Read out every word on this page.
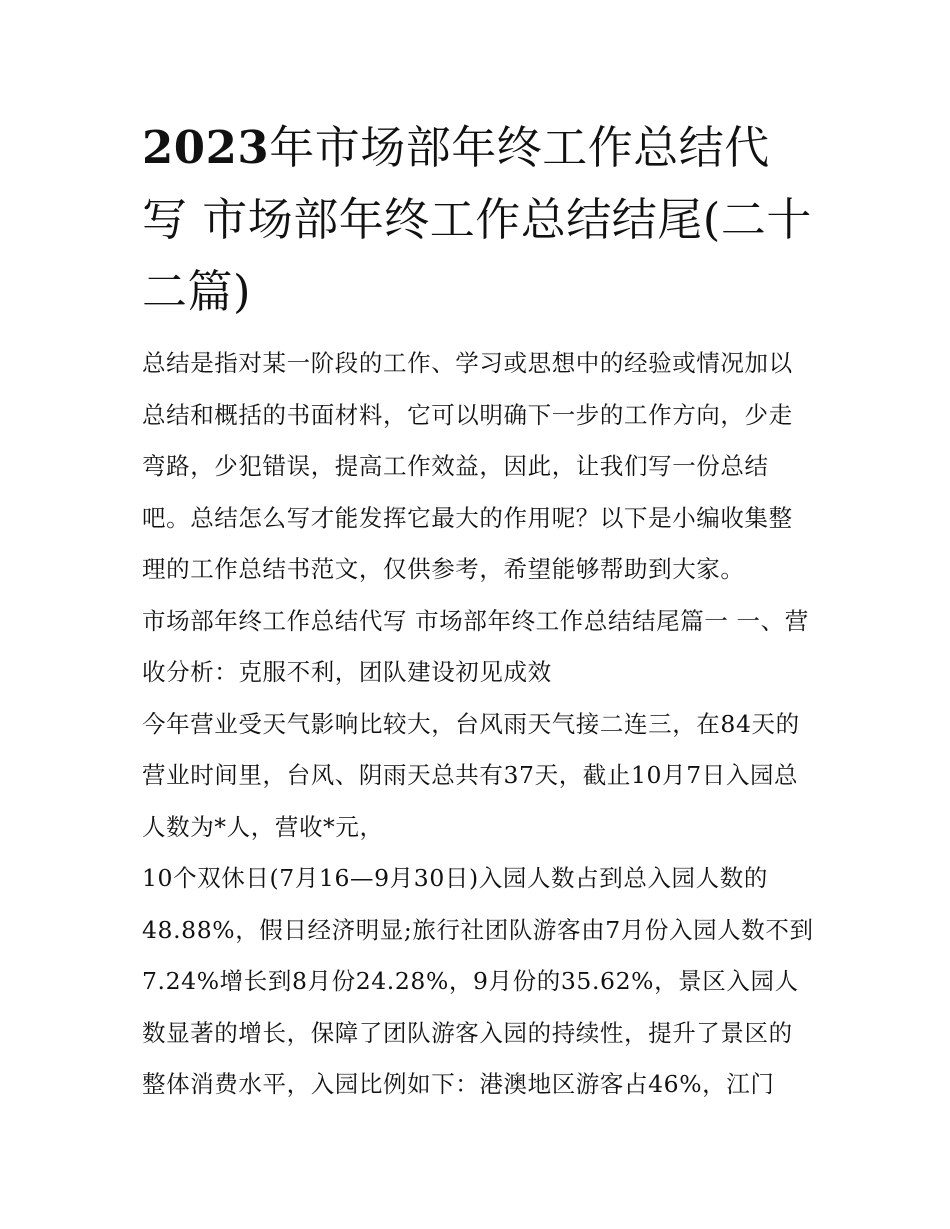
2023年市场部年终工作总结代写 市场部年终工作总结结尾(二十二篇)

总结是指对某一阶段的工作、学习或思想中的经验或情况加以总结和概括的书面材料，它可以明确下一步的工作方向，少走弯路，少犯错误，提高工作效益，因此，让我们写一份总结吧。总结怎么写才能发挥它最大的作用呢？以下是小编收集整理的工作总结书范文，仅供参考，希望能够帮助到大家。

市场部年终工作总结代写 市场部年终工作总结结尾篇一 一、营收分析：克服不利，团队建设初见成效

今年营业受天气影响比较大，台风雨天气接二连三，在84天的营业时间里，台风、阴雨天总共有37天，截止10月7日入园总人数为*人，营收*元，

10个双休日(7月16—9月30日)入园人数占到总入园人数的48.88%，假日经济明显;旅行社团队游客由7月份入园人数不到7.24%增长到8月份24.28%，9月份的35.62%，景区入园人数显著的增长，保障了团队游客入园的持续性，提升了景区的整体消费水平，入园比例如下：港澳地区游客占46%，江门
